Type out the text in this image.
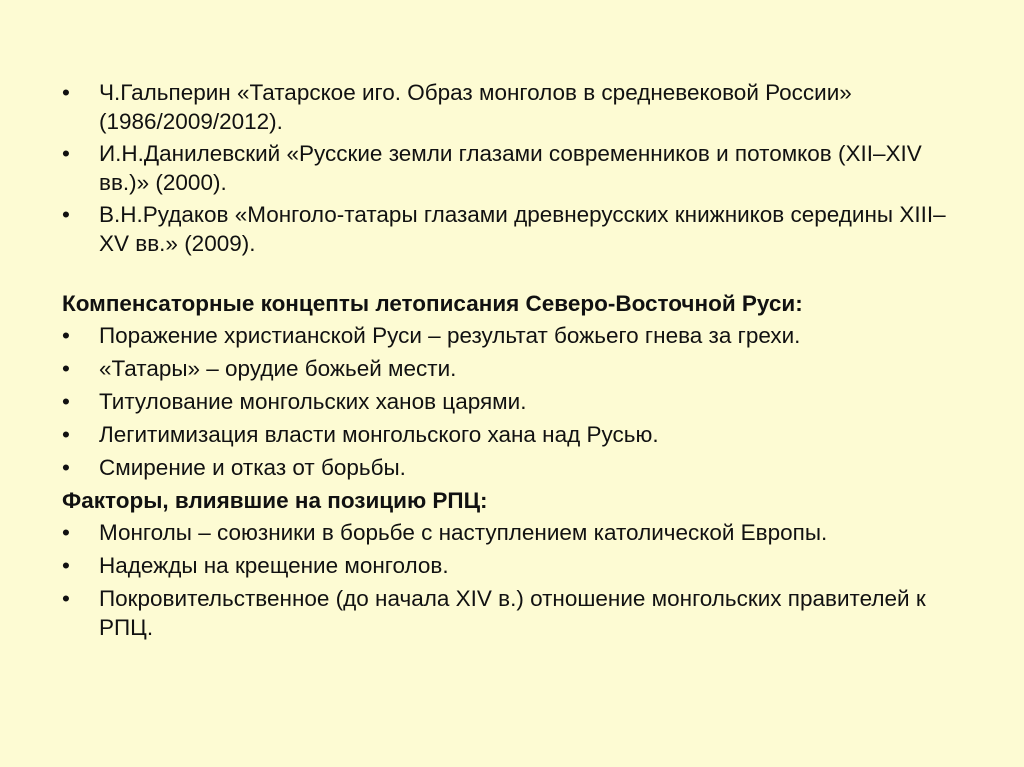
• Ч.Гальперин «Татарское иго. Образ монголов в средневековой России» (1986/2009/2012).
• И.Н.Данилевский «Русские земли глазами современников и потомков (XII–XIV вв.)» (2000).
• В.Н.Рудаков «Монголо-татары глазами древнерусских книжников середины XIII–XV вв.» (2009).
Компенсаторные концепты летописания Северо-Восточной Руси:
• Поражение христианской Руси – результат божьего гнева за грехи.
• «Татары» – орудие божьей мести.
• Титулование монгольских ханов царями.
• Легитимизация власти монгольского хана над Русью.
• Смирение и отказ от борьбы.
Факторы, влиявшие на позицию РПЦ:
• Монголы – союзники в борьбе с наступлением католической Европы.
• Надежды на крещение монголов.
• Покровительственное (до начала XIV в.) отношение монгольских правителей к РПЦ.
